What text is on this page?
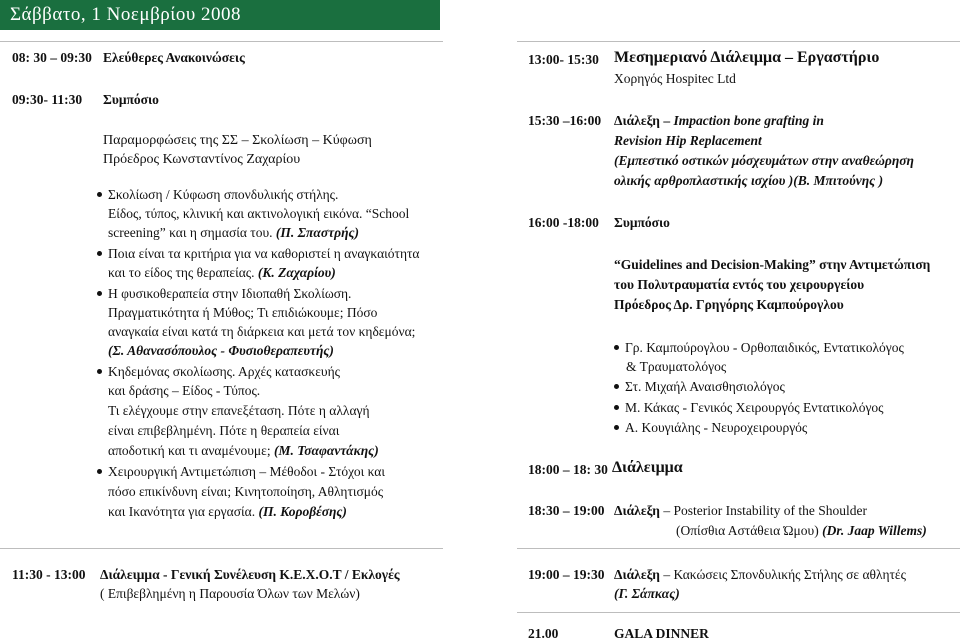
Σάββατο, 1 Νοεμβρίου 2008
08: 30 – 09:30 Ελεύθερες Ανακοινώσεις
09:30- 11:30 Συμπόσιο
Παραμορφώσεις της ΣΣ – Σκολίωση – Κύφωση
Πρόεδρος Κωνσταντίνος Ζαχαρίου
Σκολίωση / Κύφωση σπονδυλικής στήλης.
Είδος, τύπος, κλινική και ακτινολογική εικόνα. “School
screening” και η σημασία του. (Π. Σπαστρής)
Ποια είναι τα κριτήρια για να καθοριστεί η αναγκαιότητα
και το είδος της θεραπείας. (Κ. Ζαχαρίου)
Η φυσικοθεραπεία στην Ιδιοπαθή Σκολίωση.
Πραγματικότητα ή Μύθος; Τι επιδιώκουμε; Πόσο
αναγκαία είναι κατά τη διάρκεια και μετά τον κηδεμόνα;
(Σ. Αθανασόπουλος - Φυσιοθεραπευτής)
Κηδεμόνας σκολίωσης. Αρχές κατασκευής
και δράσης – Είδος - Τύπος.
Τι ελέγχουμε στην επανεξέταση. Πότε η αλλαγή
είναι επιβεβλημένη. Πότε η θεραπεία είναι
αποδοτική και τι αναμένουμε; (Μ. Τσαφαντάκης)
Χειρουργική Αντιμετώπιση – Μέθοδοι - Στόχοι και
πόσο επικίνδυνη είναι; Κινητοποίηση, Αθλητισμός
και Ικανότητα για εργασία. (Π. Κοροβέσης)
11:30 - 13:00 Διάλειμμα - Γενική Συνέλευση Κ.Ε.Χ.Ο.Τ / Εκλογές
( Επιβεβλημένη η Παρουσία Όλων των Μελών)
13:00- 15:30 Μεσημεριανό Διάλειμμα – Εργαστήριο
Χορηγός Hospitec Ltd
15:30 –16:00 Διάλεξη – Impaction bone grafting in
Revision Hip Replacement
(Εμπεστικό οστικών μόσχευμάτων στην αναθεώρηση
ολικής αρθροπλαστικής ισχίου )(Β. Μπιτούνης )
16:00 -18:00 Συμπόσιο
“Guidelines and Decision-Making” στην Αντιμετώπιση
του Πολυτραυματία εντός του χειρουργείου
Πρόεδρος Δρ. Γρηγόρης Καμπούρογλου
Γρ. Καμπούρογλου - Ορθοπαιδικός, Εντατικολόγος
& Τραυματολόγος
Στ. Μιχαήλ Αναισθησιολόγος
Μ. Κάκας - Γενικός Χειρουργός Εντατικολόγος
Α. Κουγιάλης - Νευροχειρουργός
18:00 – 18: 30 Διάλειμμα
18:30 – 19:00 Διάλεξη – Posterior Instability of the Shoulder
(Οπίσθια Αστάθεια Ώμου) (Dr. Jaap Willems)
19:00 – 19:30 Διάλεξη – Κακώσεις Σπονδυλικής Στήλης σε αθλητές
(Γ. Σάπκας)
21.00	GALA DINNER
